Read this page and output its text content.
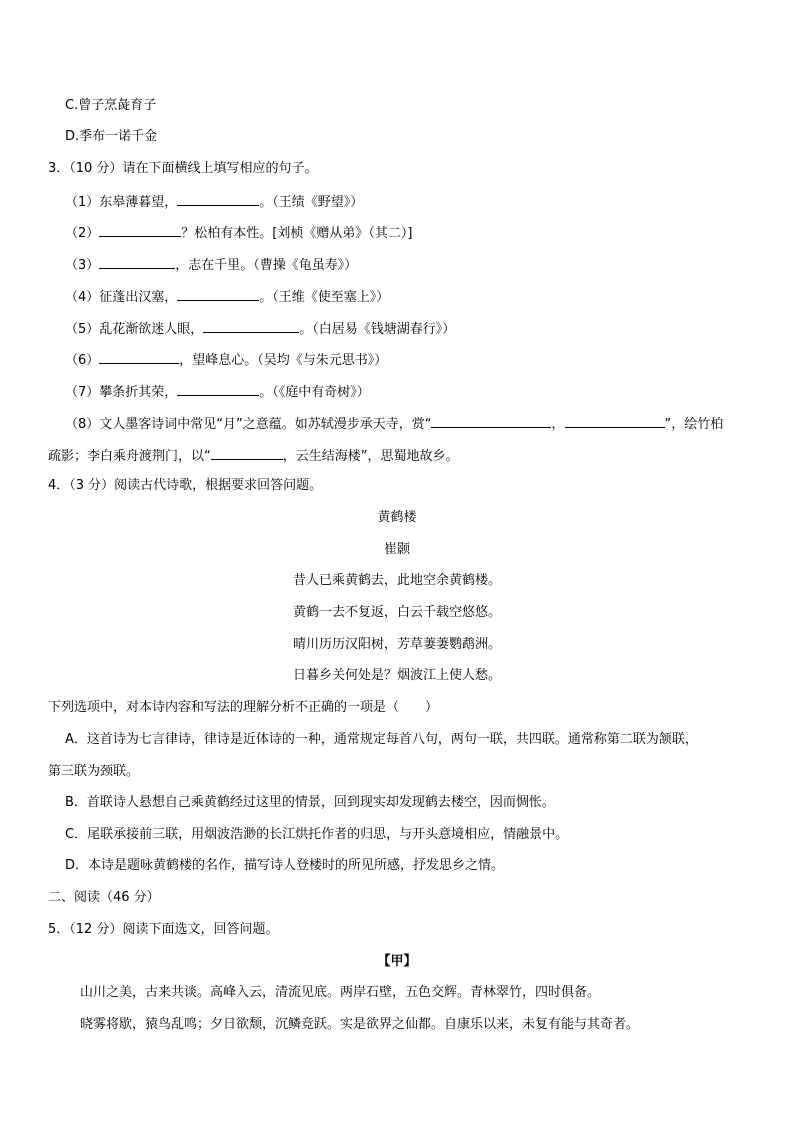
C.曾子烹彘育子
D.季布一诺千金
3．（10 分）请在下面横线上填写相应的句子。
（1）东皋薄暮望，	。（王绩《野望》）
（2）	？松柏有本性。[刘桢《赠从弟》（其二）]
（3）	，志在千里。（曹操《龟虽寿》）
（4）征蓬出汉塞，	。（王维《使至塞上》）
（5）乱花渐欲迷人眼，	。（白居易《钱塘湖春行》）
（6）	，望峰息心。（吴均《与朱元思书》）
（7）攀条折其荣，	。（《庭中有奇树》）
（8）文人墨客诗词中常见“月”之意蕴。如苏轼漫步承天寺，赏“	，	”，绘竹柏
疏影；李白乘舟渡荆门，以“	，云生结海楼”，思蜀地故乡。
4．（3 分）阅读古代诗歌，根据要求回答问题。
黄鹤楼
崔颢
昔人已乘黄鹤去，此地空余黄鹤楼。
黄鹤一去不复返，白云千载空悠悠。
晴川历历汉阳树，芳草萋萋鹦鹉洲。
日暮乡关何处是？烟波江上使人愁。
下列选项中，对本诗内容和写法的理解分析不正确的一项是（　　）
A．这首诗为七言律诗，律诗是近体诗的一种，通常规定每首八句，两句一联，共四联。通常称第二联为颔联，
第三联为颈联。
B．首联诗人悬想自己乘黄鹤经过这里的情景，回到现实却发现鹤去楼空，因而惆怅。
C．尾联承接前三联，用烟波浩渺的长江烘托作者的归思，与开头意境相应，情融景中。
D．本诗是题咏黄鹤楼的名作，描写诗人登楼时的所见所感，抒发思乡之情。
二、阅读（46 分）
5．（12 分）阅读下面选文，回答问题。
【甲】
山川之美，古来共谈。高峰入云，清流见底。两岸石壁，五色交辉。青林翠竹，四时俱备。
晓雾将歇，猿鸟乱鸣；夕日欲颓，沉鳞竞跃。实是欲界之仙都。自康乐以来，未复有能与其奇者。
